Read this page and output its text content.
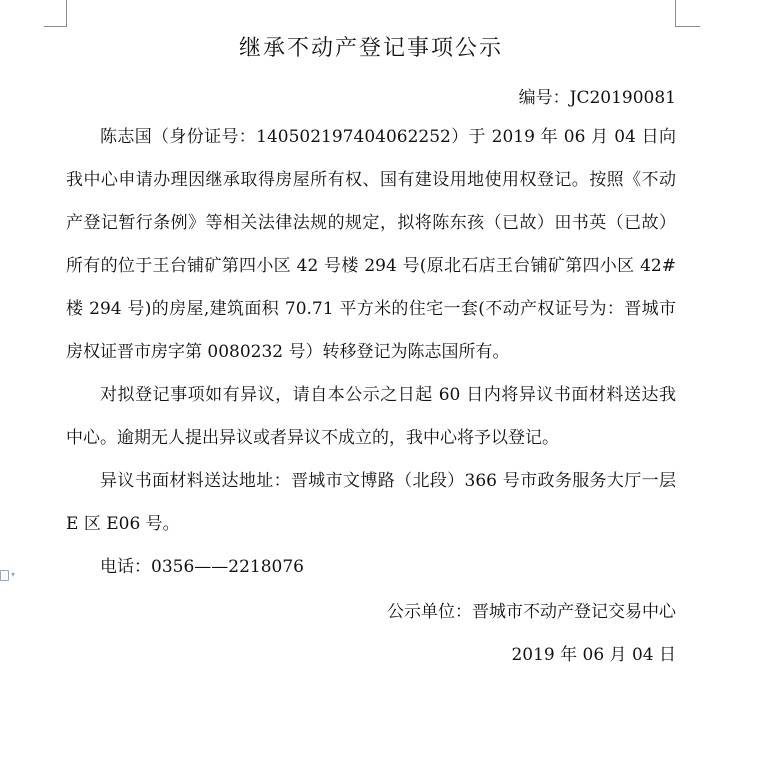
▾
继承不动产登记事项公示
编号：JC20190081

陈志国（身份证号：140502197404062252）于 2019 年 06 月 04 日向我中心申请办理因继承取得房屋所有权、国有建设用地使用权登记。按照《不动产登记暂行条例》等相关法律法规的规定，拟将陈东孩（已故）田书英（已故）所有的位于王台铺矿第四小区 42 号楼 294 号(原北石店王台铺矿第四小区 42#楼 294 号)的房屋,建筑面积 70.71 平方米的住宅一套(不动产权证号为：晋城市房权证晋市房字第 0080232 号）转移登记为陈志国所有。

对拟登记事项如有异议，请自本公示之日起 60 日内将异议书面材料送达我中心。逾期无人提出异议或者异议不成立的，我中心将予以登记。

异议书面材料送达地址：晋城市文博路（北段）366 号市政务服务大厅一层 E 区 E06 号。

电话：0356——2218076

公示单位：晋城市不动产登记交易中心

2019 年 06 月 04 日
